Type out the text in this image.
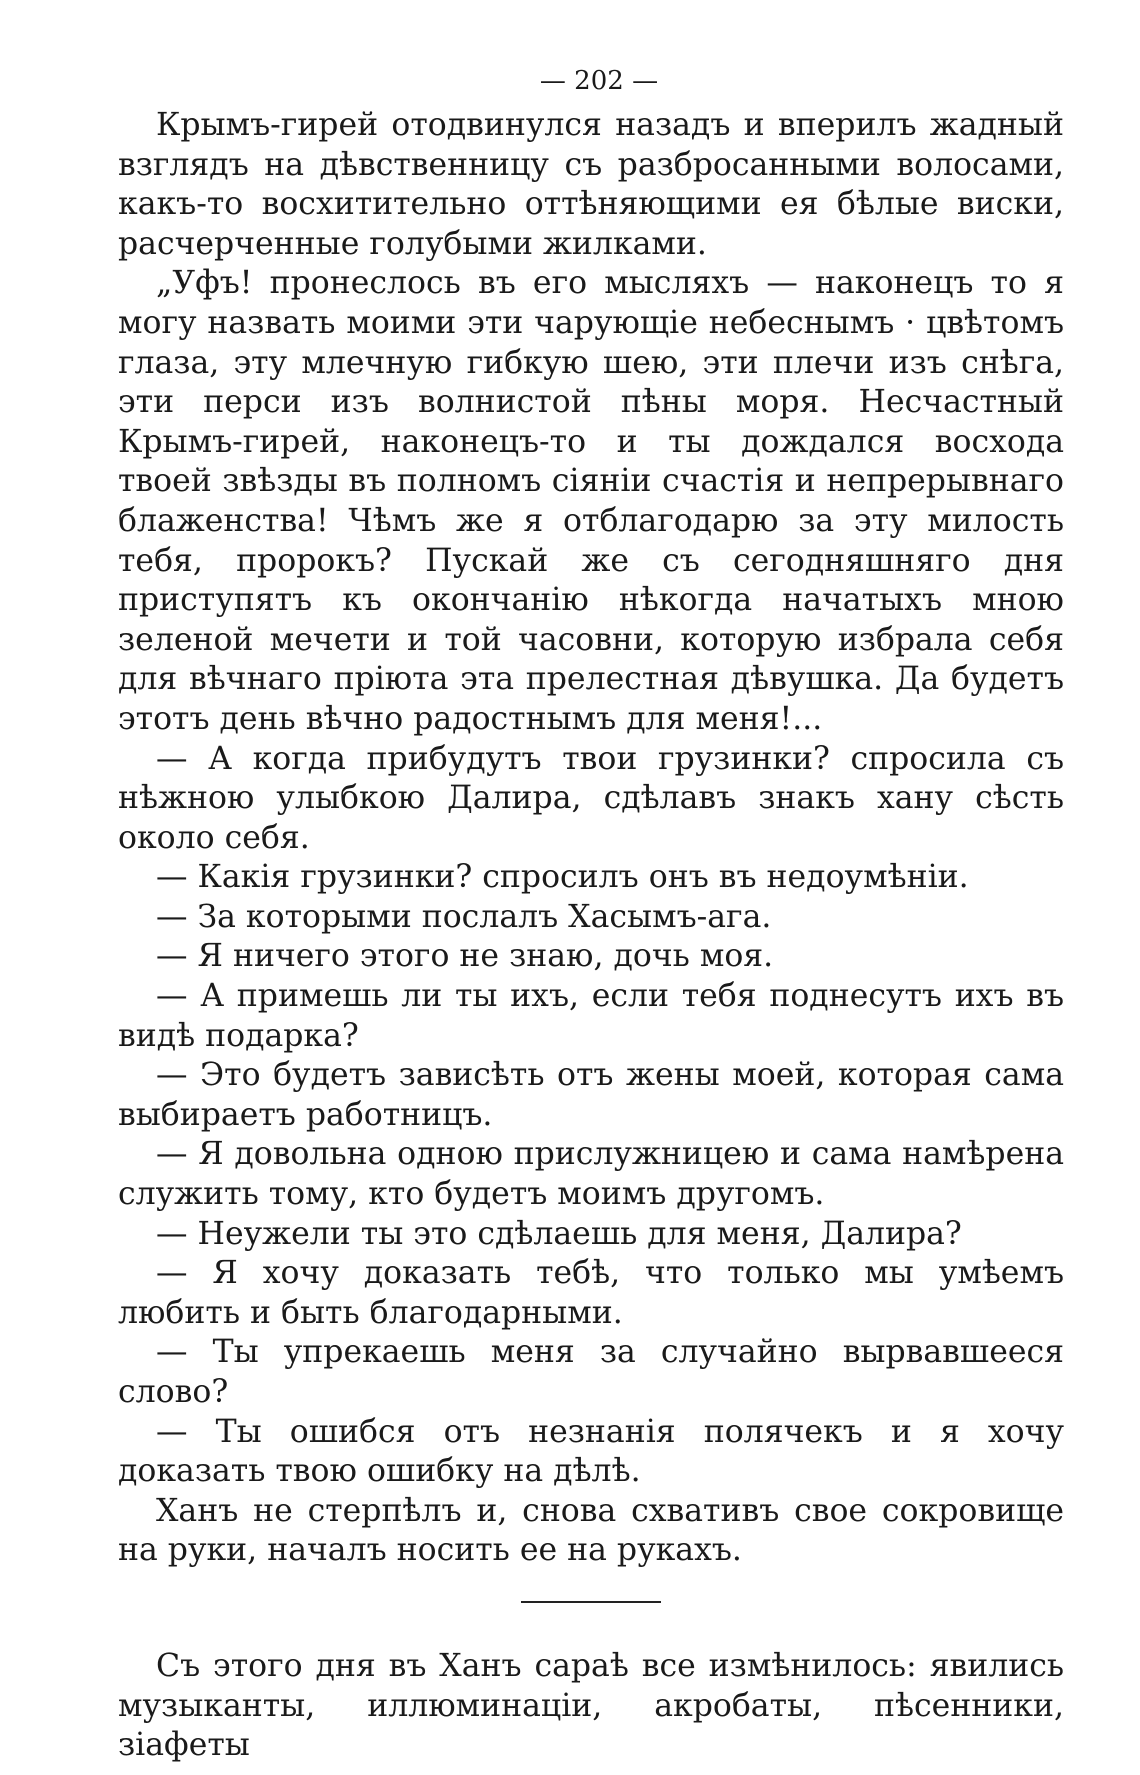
— 202 —

Крымъ-гирей отодвинулся назадъ и вперилъ жадный взглядъ на дѣвственницу съ разбросанными волосами, какъ-то восхитительно оттѣняющими ея бѣлые виски, расчерченные голубыми жилками.

„Уфъ! пронеслось въ его мысляхъ — наконецъ то я могу назвать моими эти чарующіе небеснымъ · цвѣтомъ глаза, эту млечную гибкую шею, эти плечи изъ снѣга, эти перси изъ волнистой пѣны моря. Несчастный Крымъ-гирей, наконецъ-то и ты дождался восхода твоей звѣзды въ полномъ сіяніи счастія и непрерывнаго блаженства! Чѣмъ же я отблагодарю за эту милость тебя, пророкъ? Пускай же съ сегодняшняго дня приступятъ къ окончанію нѣкогда начатыхъ мною зеленой мечети и той часовни, которую избрала себя для вѣчнаго пріюта эта прелестная дѣвушка. Да будетъ этотъ день вѣчно радостнымъ для меня!...

— А когда прибудутъ твои грузинки? спросила съ нѣжною улыбкою Далира, сдѣлавъ знакъ хану сѣсть около себя.

— Какія грузинки? спросилъ онъ въ недоумѣніи.

— За которыми послалъ Хасымъ-ага.

— Я ничего этого не знаю, дочь моя.

— А примешь ли ты ихъ, если тебя поднесутъ ихъ въ видѣ подарка?

— Это будетъ зависѣть отъ жены моей, которая сама выбираетъ работницъ.

— Я довольна одною прислужницею и сама намѣрена служить тому, кто будетъ моимъ другомъ.

— Неужели ты это сдѣлаешь для меня, Далира?

— Я хочу доказать тебѣ, что только мы умѣемъ любить и быть благодарными.

— Ты упрекаешь меня за случайно вырвавшееся слово?

— Ты ошибся отъ незнанія полячекъ и я хочу доказать твою ошибку на дѣлѣ.

Ханъ не стерпѣлъ и, снова схвативъ свое сокровище на руки, началъ носить ее на рукахъ.

Съ этого дня въ Ханъ сараѣ все измѣнилось: явились музыканты, иллюминаціи, акробаты, пѣсенники, зіафеты
